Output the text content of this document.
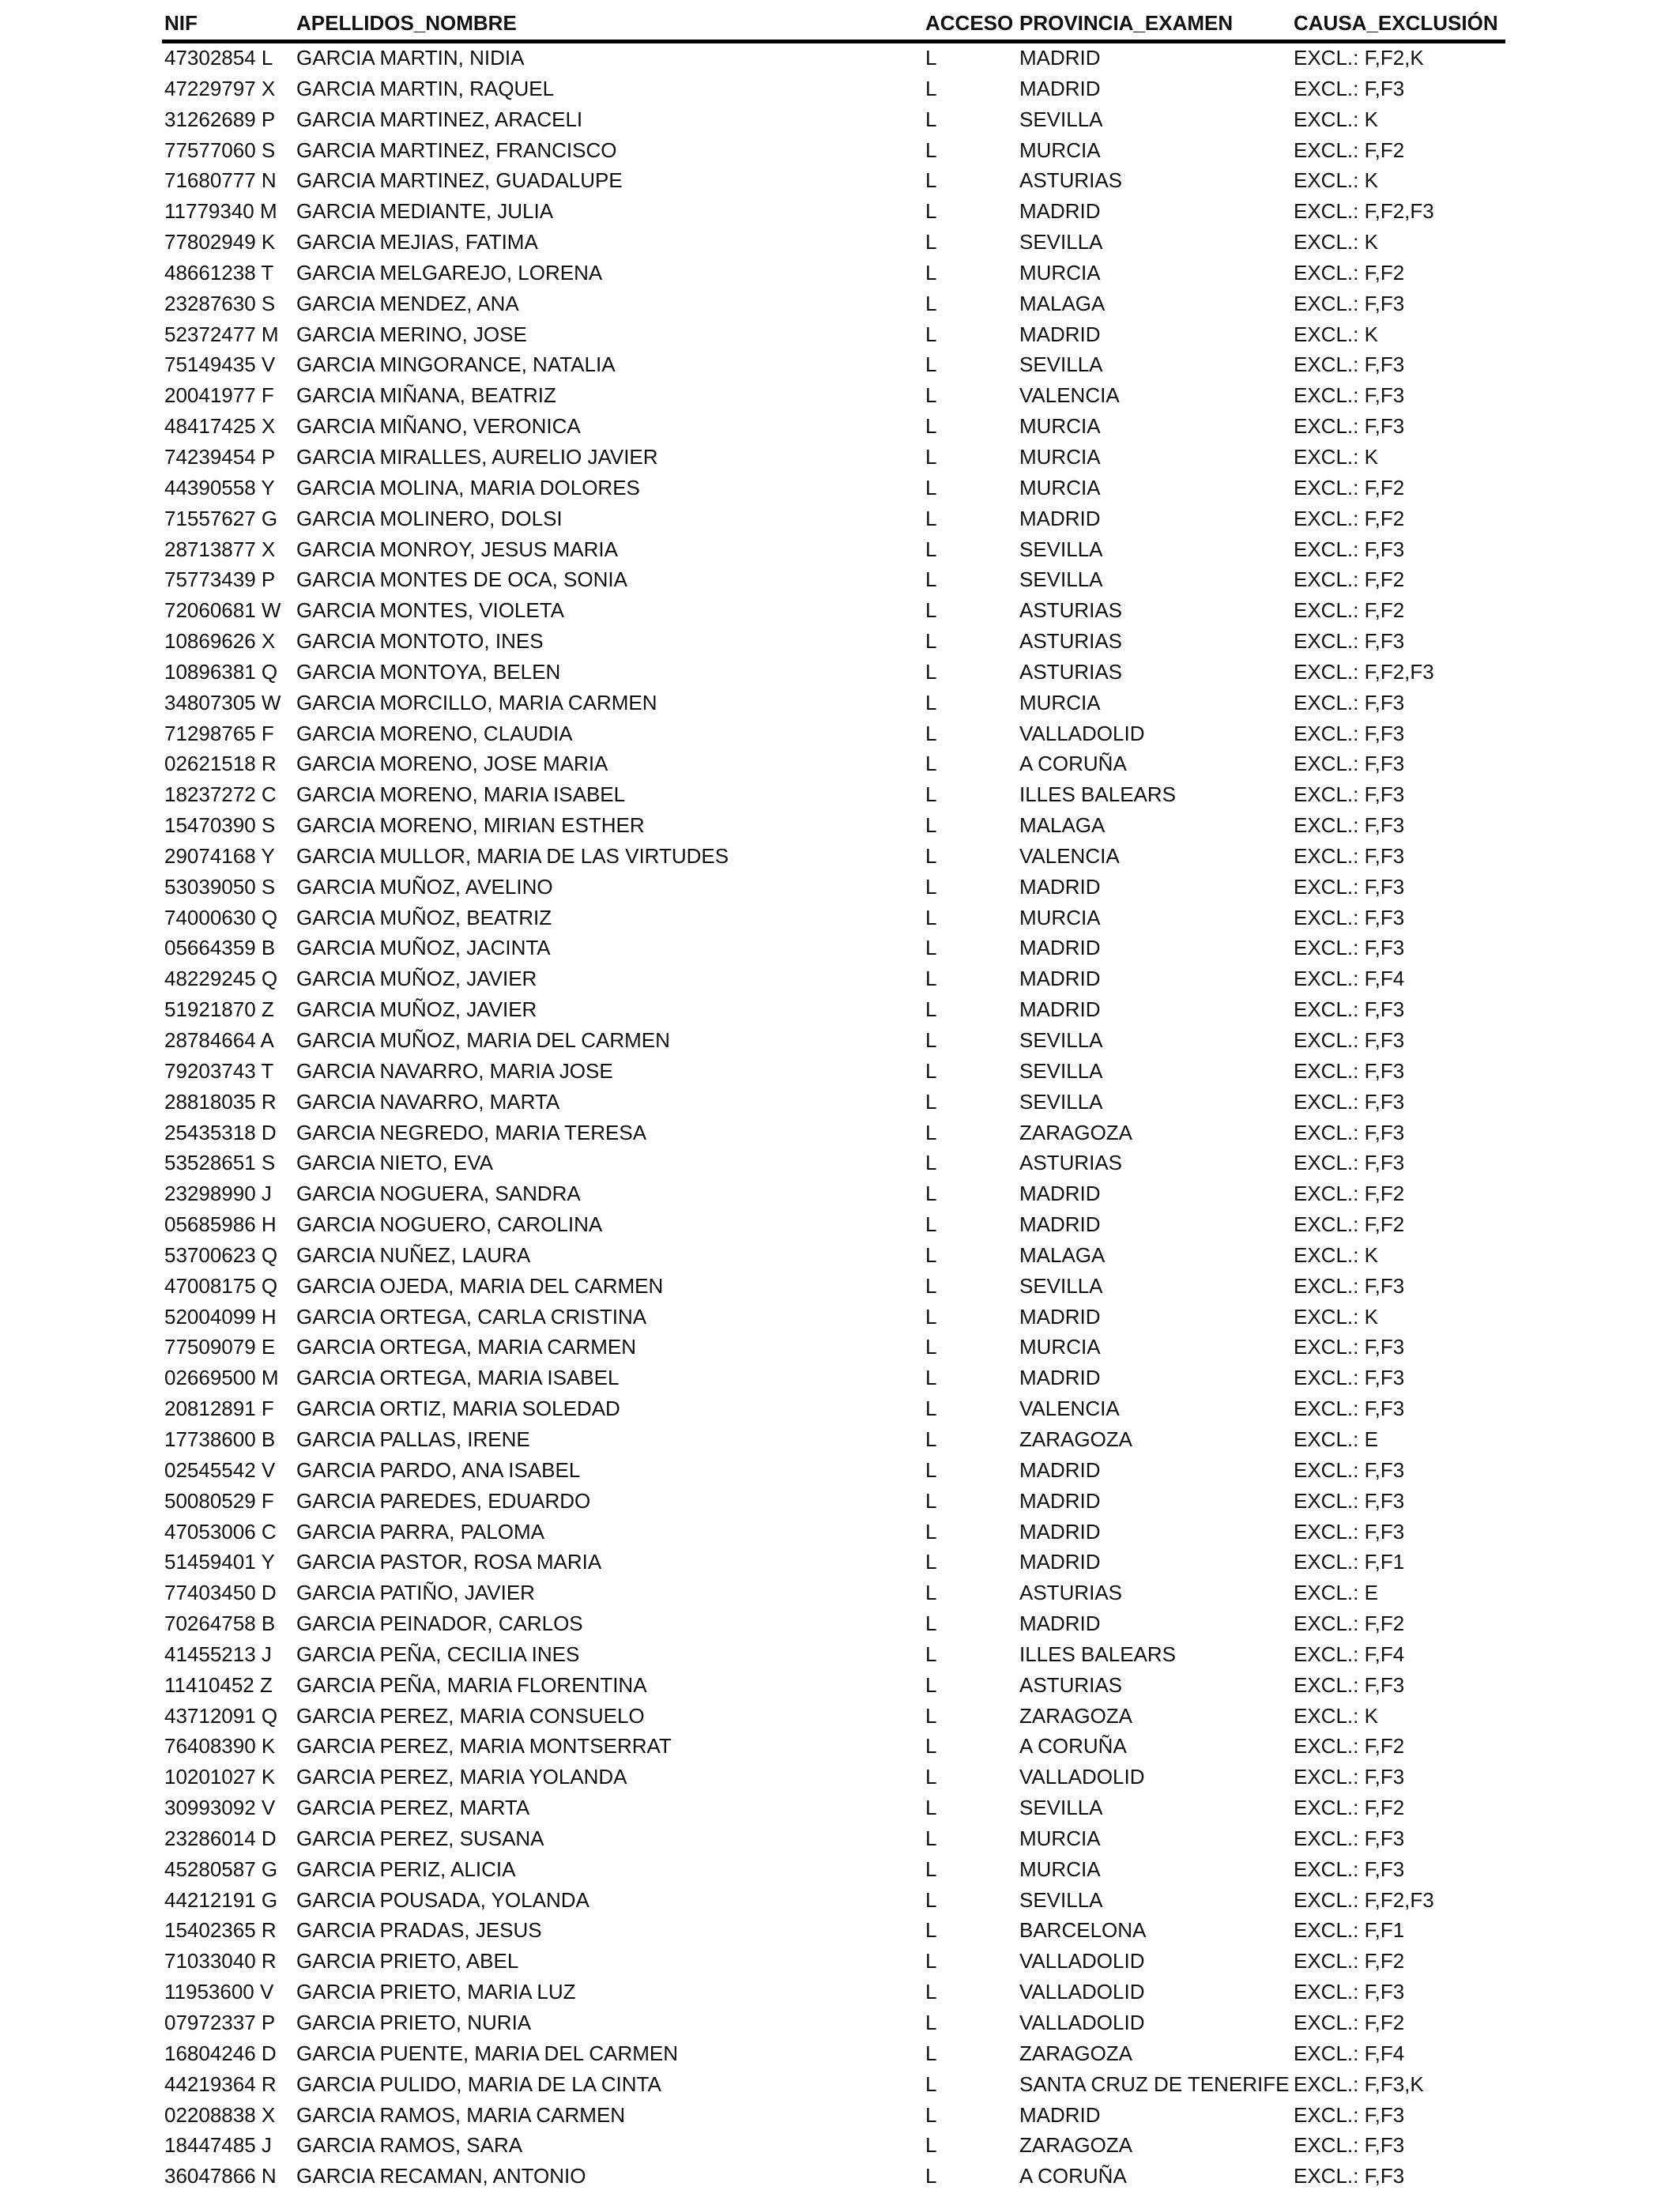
NIF	APELLIDOS_NOMBRE	ACCESO PROVINCIA_EXAMEN	CAUSA_EXCLUSIÓN
47302854 L GARCIA MARTIN, NIDIA	L	MADRID	EXCL.: F,F2,K
47229797 X GARCIA MARTIN, RAQUEL	L	MADRID	EXCL.: F,F3
31262689 P GARCIA MARTINEZ, ARACELI	L	SEVILLA	EXCL.: K
77577060 S GARCIA MARTINEZ, FRANCISCO	L	MURCIA	EXCL.: F,F2
71680777 N GARCIA MARTINEZ, GUADALUPE	L	ASTURIAS	EXCL.: K
11779340 M GARCIA MEDIANTE, JULIA	L	MADRID	EXCL.: F,F2,F3
77802949 K GARCIA MEJIAS, FATIMA	L	SEVILLA	EXCL.: K
48661238 T GARCIA MELGAREJO, LORENA	L	MURCIA	EXCL.: F,F2
23287630 S GARCIA MENDEZ, ANA	L	MALAGA	EXCL.: F,F3
52372477 M GARCIA MERINO, JOSE	L	MADRID	EXCL.: K
75149435 V GARCIA MINGORANCE, NATALIA	L	SEVILLA	EXCL.: F,F3
20041977 F GARCIA MIÑANA, BEATRIZ	L	VALENCIA	EXCL.: F,F3
48417425 X GARCIA MIÑANO, VERONICA	L	MURCIA	EXCL.: F,F3
74239454 P GARCIA MIRALLES, AURELIO JAVIER	L	MURCIA	EXCL.: K
44390558 Y GARCIA MOLINA, MARIA DOLORES	L	MURCIA	EXCL.: F,F2
71557627 G GARCIA MOLINERO, DOLSI	L	MADRID	EXCL.: F,F2
28713877 X GARCIA MONROY, JESUS MARIA	L	SEVILLA	EXCL.: F,F3
75773439 P GARCIA MONTES DE OCA, SONIA	L	SEVILLA	EXCL.: F,F2
72060681 W GARCIA MONTES, VIOLETA	L	ASTURIAS	EXCL.: F,F2
10869626 X GARCIA MONTOTO, INES	L	ASTURIAS	EXCL.: F,F3
10896381 Q GARCIA MONTOYA, BELEN	L	ASTURIAS	EXCL.: F,F2,F3
34807305 W GARCIA MORCILLO, MARIA CARMEN	L	MURCIA	EXCL.: F,F3
71298765 F GARCIA MORENO, CLAUDIA	L	VALLADOLID	EXCL.: F,F3
02621518 R GARCIA MORENO, JOSE MARIA	L	A CORUÑA	EXCL.: F,F3
18237272 C GARCIA MORENO, MARIA ISABEL	L	ILLES BALEARS	EXCL.: F,F3
15470390 S GARCIA MORENO, MIRIAN ESTHER	L	MALAGA	EXCL.: F,F3
29074168 Y GARCIA MULLOR, MARIA DE LAS VIRTUDES	L	VALENCIA	EXCL.: F,F3
53039050 S GARCIA MUÑOZ, AVELINO	L	MADRID	EXCL.: F,F3
74000630 Q GARCIA MUÑOZ, BEATRIZ	L	MURCIA	EXCL.: F,F3
05664359 B GARCIA MUÑOZ, JACINTA	L	MADRID	EXCL.: F,F3
48229245 Q GARCIA MUÑOZ, JAVIER	L	MADRID	EXCL.: F,F4
51921870 Z GARCIA MUÑOZ, JAVIER	L	MADRID	EXCL.: F,F3
28784664 A GARCIA MUÑOZ, MARIA DEL CARMEN	L	SEVILLA	EXCL.: F,F3
79203743 T GARCIA NAVARRO, MARIA JOSE	L	SEVILLA	EXCL.: F,F3
28818035 R GARCIA NAVARRO, MARTA	L	SEVILLA	EXCL.: F,F3
25435318 D GARCIA NEGREDO, MARIA TERESA	L	ZARAGOZA	EXCL.: F,F3
53528651 S GARCIA NIETO, EVA	L	ASTURIAS	EXCL.: F,F3
23298990 J GARCIA NOGUERA, SANDRA	L	MADRID	EXCL.: F,F2
05685986 H GARCIA NOGUERO, CAROLINA	L	MADRID	EXCL.: F,F2
53700623 Q GARCIA NUÑEZ, LAURA	L	MALAGA	EXCL.: K
47008175 Q GARCIA OJEDA, MARIA DEL CARMEN	L	SEVILLA	EXCL.: F,F3
52004099 H GARCIA ORTEGA, CARLA CRISTINA	L	MADRID	EXCL.: K
77509079 E GARCIA ORTEGA, MARIA CARMEN	L	MURCIA	EXCL.: F,F3
02669500 M GARCIA ORTEGA, MARIA ISABEL	L	MADRID	EXCL.: F,F3
20812891 F GARCIA ORTIZ, MARIA SOLEDAD	L	VALENCIA	EXCL.: F,F3
17738600 B GARCIA PALLAS, IRENE	L	ZARAGOZA	EXCL.: E
02545542 V GARCIA PARDO, ANA ISABEL	L	MADRID	EXCL.: F,F3
50080529 F GARCIA PAREDES, EDUARDO	L	MADRID	EXCL.: F,F3
47053006 C GARCIA PARRA, PALOMA	L	MADRID	EXCL.: F,F3
51459401 Y GARCIA PASTOR, ROSA MARIA	L	MADRID	EXCL.: F,F1
77403450 D GARCIA PATIÑO, JAVIER	L	ASTURIAS	EXCL.: E
70264758 B GARCIA PEINADOR, CARLOS	L	MADRID	EXCL.: F,F2
41455213 J GARCIA PEÑA, CECILIA INES	L	ILLES BALEARS	EXCL.: F,F4
11410452 Z GARCIA PEÑA, MARIA FLORENTINA	L	ASTURIAS	EXCL.: F,F3
43712091 Q GARCIA PEREZ, MARIA CONSUELO	L	ZARAGOZA	EXCL.: K
76408390 K GARCIA PEREZ, MARIA MONTSERRAT	L	A CORUÑA	EXCL.: F,F2
10201027 K GARCIA PEREZ, MARIA YOLANDA	L	VALLADOLID	EXCL.: F,F3
30993092 V GARCIA PEREZ, MARTA	L	SEVILLA	EXCL.: F,F2
23286014 D GARCIA PEREZ, SUSANA	L	MURCIA	EXCL.: F,F3
45280587 G GARCIA PERIZ, ALICIA	L	MURCIA	EXCL.: F,F3
44212191 G GARCIA POUSADA, YOLANDA	L	SEVILLA	EXCL.: F,F2,F3
15402365 R GARCIA PRADAS, JESUS	L	BARCELONA	EXCL.: F,F1
71033040 R GARCIA PRIETO, ABEL	L	VALLADOLID	EXCL.: F,F2
11953600 V GARCIA PRIETO, MARIA LUZ	L	VALLADOLID	EXCL.: F,F3
07972337 P GARCIA PRIETO, NURIA	L	VALLADOLID	EXCL.: F,F2
16804246 D GARCIA PUENTE, MARIA DEL CARMEN	L	ZARAGOZA	EXCL.: F,F4
44219364 R GARCIA PULIDO, MARIA DE LA CINTA	L	SANTA CRUZ DE TENERIFE EXCL.: F,F3,K
02208838 X GARCIA RAMOS, MARIA CARMEN	L	MADRID	EXCL.: F,F3
18447485 J GARCIA RAMOS, SARA	L	ZARAGOZA	EXCL.: F,F3
36047866 N GARCIA RECAMAN, ANTONIO	L	A CORUÑA	EXCL.: F,F3
